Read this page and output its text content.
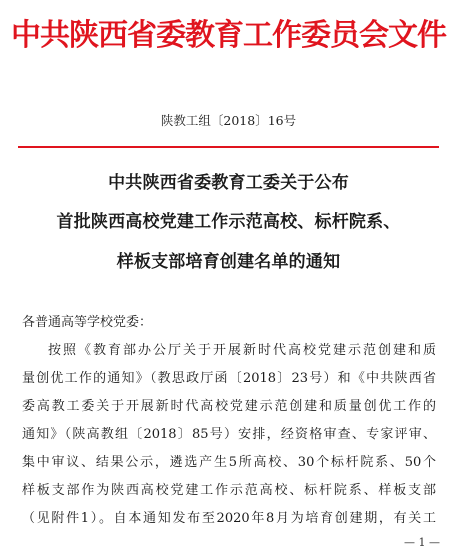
中共陕西省委教育工作委员会文件
陕教工组〔2018〕16号
中共陕西省委教育工委关于公布
首批陕西高校党建工作示范高校、标杆院系、
样板支部培育创建名单的通知
各普通高等学校党委：
按照《教育部办公厅关于开展新时代高校党建示范创建和质
量创优工作的通知》（教思政厅函〔2018〕23号）和《中共陕西省
委高教工委关于开展新时代高校党建示范创建和质量创优工作的
通知》（陕高教组〔2018〕85号）安排，经资格审查、专家评审、
集中审议、结果公示，遴选产生5所高校、30个标杆院系、50个
样板支部作为陕西高校党建工作示范高校、标杆院系、样板支部
（见附件1）。自本通知发布至2020年8月为培育创建期，有关工
— 1 —
